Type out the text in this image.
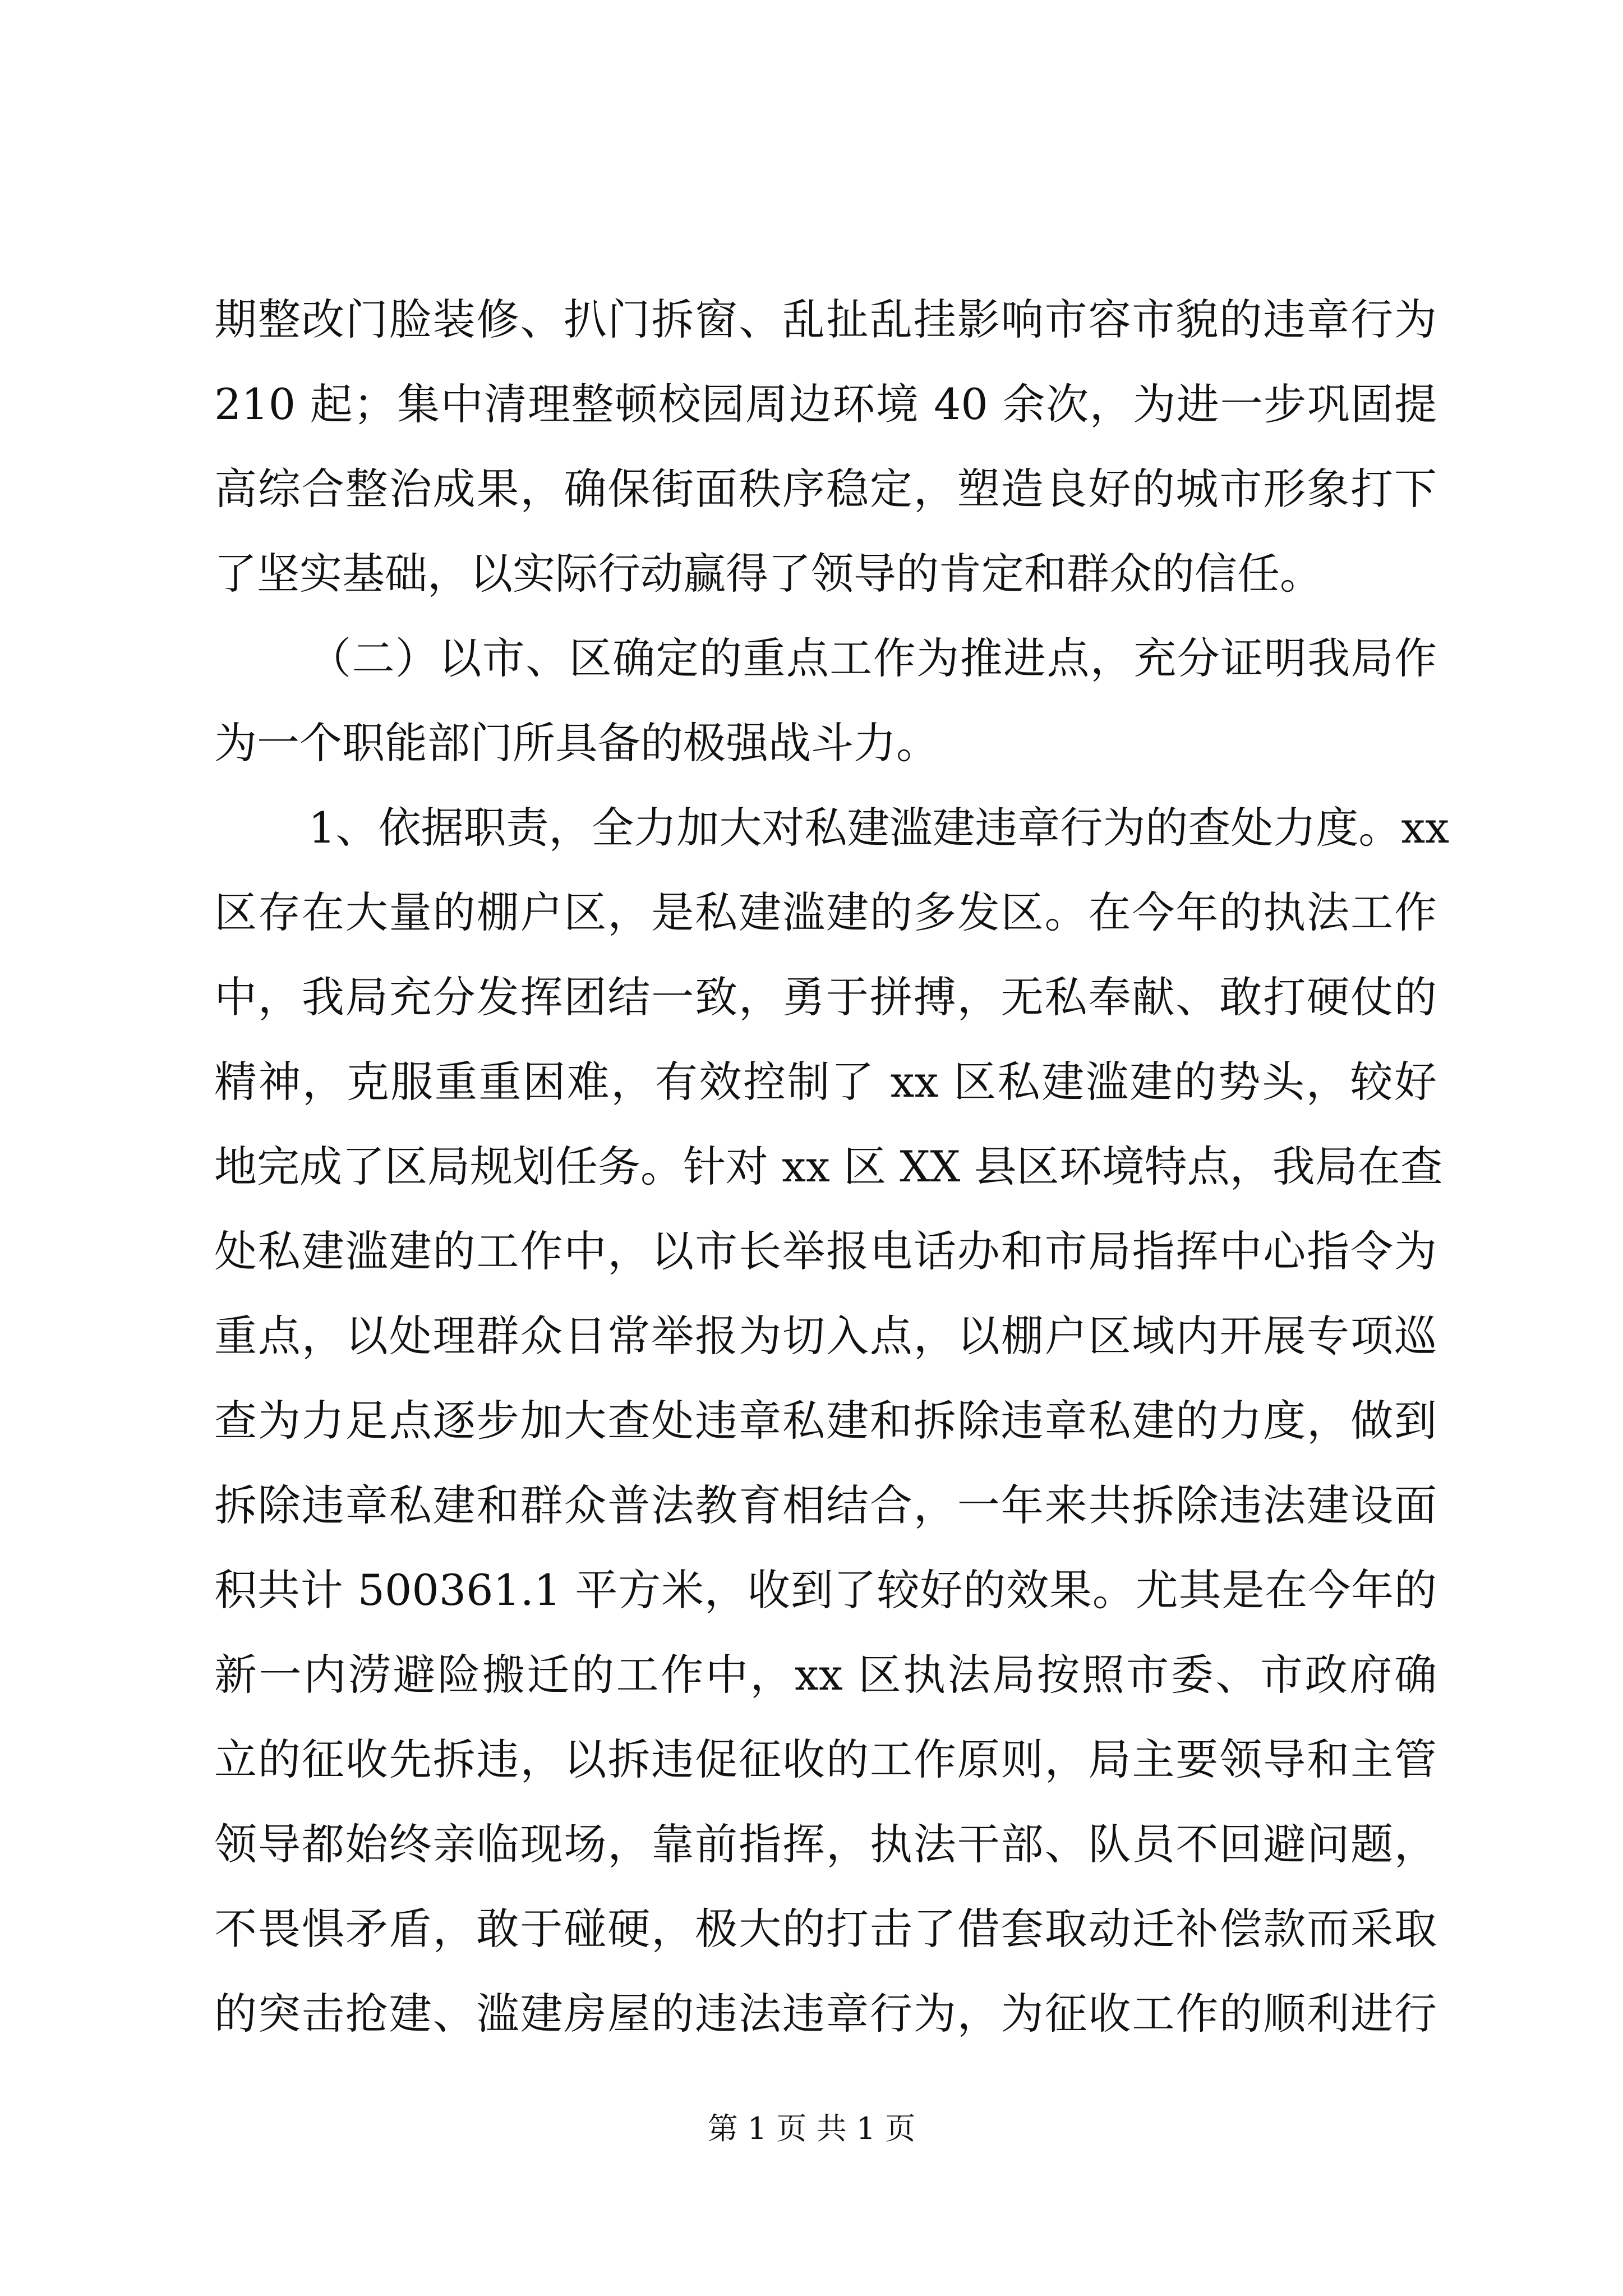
期整改门脸装修、扒门拆窗、乱扯乱挂影响市容市貌的违章行为
210 起；集中清理整顿校园周边环境 40 余次，为进一步巩固提
高综合整治成果，确保街面秩序稳定，塑造良好的城市形象打下
了坚实基础，以实际行动赢得了领导的肯定和群众的信任。
（二）以市、区确定的重点工作为推进点，充分证明我局作
为一个职能部门所具备的极强战斗力。
1、依据职责，全力加大对私建滥建违章行为的查处力度。xx
区存在大量的棚户区，是私建滥建的多发区。在今年的执法工作
中，我局充分发挥团结一致，勇于拼搏，无私奉献、敢打硬仗的
精神，克服重重困难，有效控制了 xx 区私建滥建的势头，较好
地完成了区局规划任务。针对 xx 区 XX 县区环境特点，我局在查
处私建滥建的工作中，以市长举报电话办和市局指挥中心指令为
重点，以处理群众日常举报为切入点，以棚户区域内开展专项巡
查为力足点逐步加大查处违章私建和拆除违章私建的力度，做到
拆除违章私建和群众普法教育相结合，一年来共拆除违法建设面
积共计 500361.1 平方米，收到了较好的效果。尤其是在今年的
新一内涝避险搬迁的工作中，xx 区执法局按照市委、市政府确
立的征收先拆违，以拆违促征收的工作原则，局主要领导和主管
领导都始终亲临现场，靠前指挥，执法干部、队员不回避问题，
不畏惧矛盾，敢于碰硬，极大的打击了借套取动迁补偿款而采取
的突击抢建、滥建房屋的违法违章行为，为征收工作的顺利进行
第 1 页 共 1 页
